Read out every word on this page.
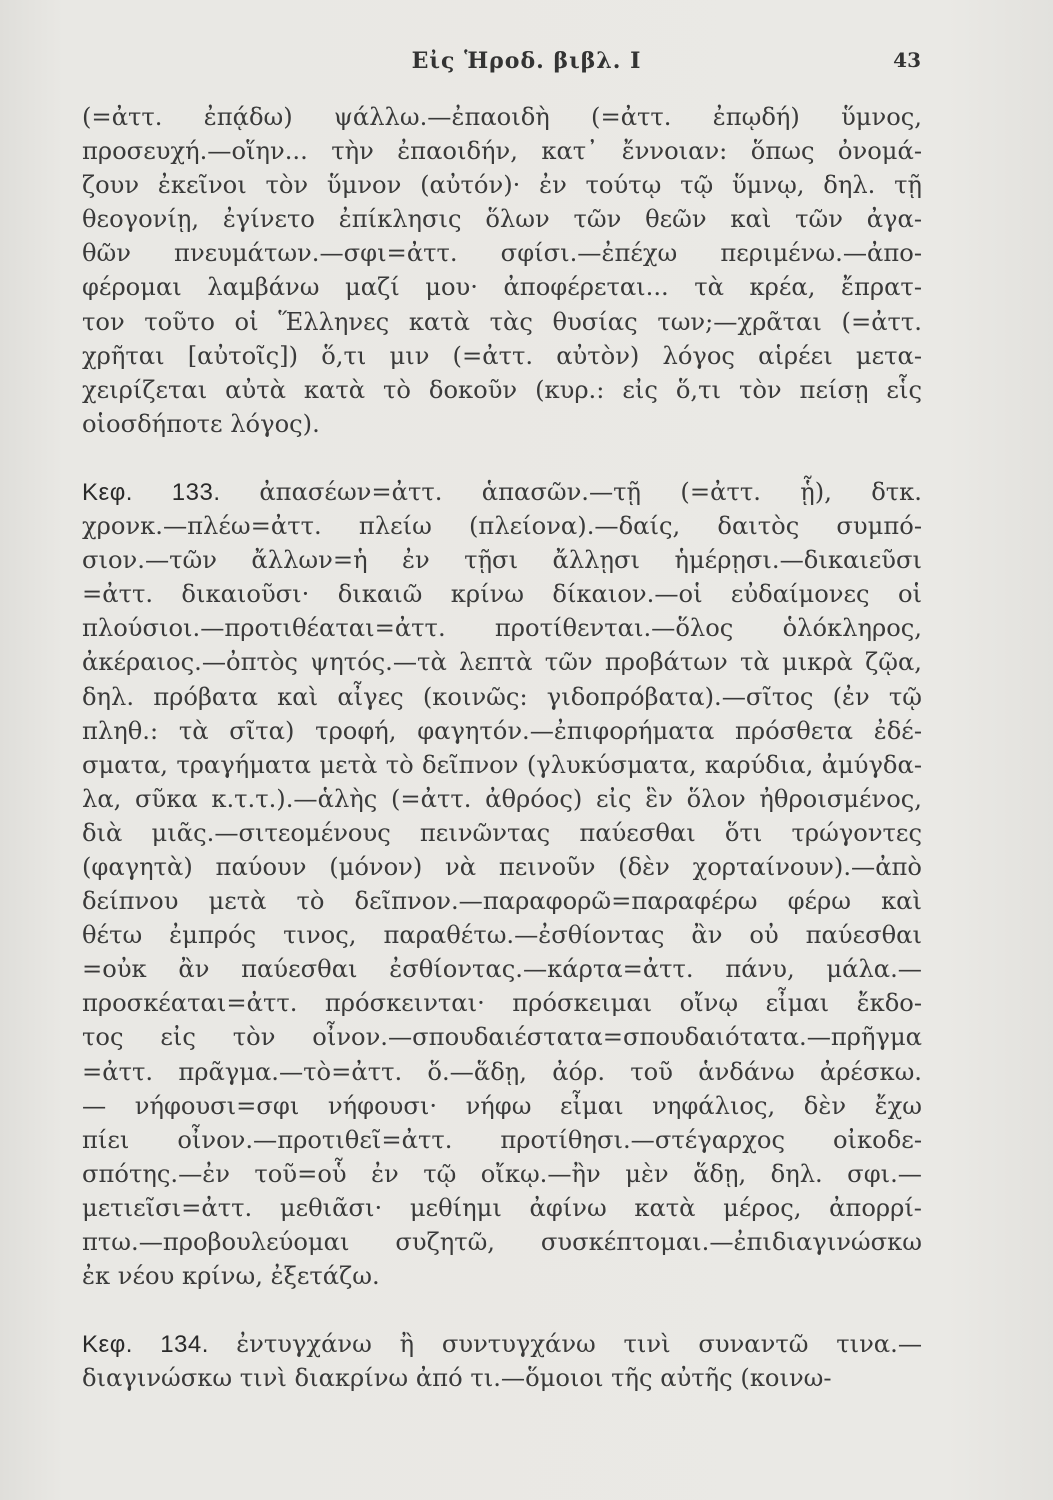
Εἰς Ἡροδ. βιβλ. Ι	43
(=ἀττ. ἐπᾴδω) ψάλλω.—ἐπαοιδὴ (=ἀττ. ἐπῳδή) ὕμνος,
προσευχή.—οἵην... τὴν ἐπαοιδήν, κατ᾿ ἔννοιαν: ὅπως ὀνομά-
ζουν ἐκεῖνοι τὸν ὕμνον (αὐτόν)· ἐν τούτῳ τῷ ὕμνῳ, δηλ. τῇ
θεογονίῃ, ἐγίνετο ἐπίκλησις ὅλων τῶν θεῶν καὶ τῶν ἀγα-
θῶν πνευμάτων.—σφι=ἀττ. σφίσι.—ἐπέχω περιμένω.—ἀπο-
φέρομαι λαμβάνω μαζί μου· ἀποφέρεται... τὰ κρέα, ἔπρατ-
τον τοῦτο οἱ Ἕλληνες κατὰ τὰς θυσίας των;—χρᾶται (=ἀττ.
χρῆται [αὐτοῖς]) ὅ,τι μιν (=ἀττ. αὐτὸν) λόγος αἱρέει μετα-
χειρίζεται αὐτὰ κατὰ τὸ δοκοῦν (κυρ.: εἰς ὅ,τι τὸν πείσῃ εἷς
οἱοσδήποτε λόγος).
Κεφ. 133. ἀπασέων=ἀττ. ἁπασῶν.—τῇ (=ἀττ. ᾗ), δτκ.
χρονκ.—πλέω=ἀττ. πλείω (πλείονα).—δαίς, δαιτὸς συμπό-
σιον.—τῶν ἄλλων=ἡ ἐν τῇσι ἄλλῃσι ἡμέρῃσι.—δικαιεῦσι
=ἀττ. δικαιοῦσι· δικαιῶ κρίνω δίκαιον.—οἱ εὐδαίμονες οἱ
πλούσιοι.—προτιθέαται=ἀττ. προτίθενται.—ὅλος ὁλόκληρος,
ἀκέραιος.—ὀπτὸς ψητός.—τὰ λεπτὰ τῶν προβάτων τὰ μικρὰ ζῷα,
δηλ. πρόβατα καὶ αἶγες (κοινῶς: γιδοπρόβατα).—σῖτος (ἐν τῷ
πληθ.: τὰ σῖτα) τροφή, φαγητόν.—ἐπιφορήματα πρόσθετα ἐδέ-
σματα, τραγήματα μετὰ τὸ δεῖπνον (γλυκύσματα, καρύδια, ἀμύγδα-
λα, σῦκα κ.τ.τ.).—ἁλὴς (=ἀττ. ἀθρόος) εἰς ἓν ὅλον ἠθροισμένος,
διὰ μιᾶς.—σιτεομένους πεινῶντας παύεσθαι ὅτι τρώγοντες
(φαγητὰ) παύουν (μόνον) νὰ πεινοῦν (δὲν χορταίνουν).—ἀπὸ
δείπνου μετὰ τὸ δεῖπνον.—παραφορῶ=παραφέρω φέρω καὶ
θέτω ἐμπρός τινος, παραθέτω.—ἐσθίοντας ἂν οὐ παύεσθαι
=οὐκ ἂν παύεσθαι ἐσθίοντας.—κάρτα=ἀττ. πάνυ, μάλα.—
προσκέαται=ἀττ. πρόσκεινται· πρόσκειμαι οἴνῳ εἶμαι ἔκδο-
τος εἰς τὸν οἶνον.—σπουδαιέστατα=σπουδαιότατα.—πρῆγμα
=ἀττ. πρᾶγμα.—τὸ=ἀττ. ὅ.—ἅδῃ, ἀόρ. τοῦ ἁνδάνω ἀρέσκω.
— νήφουσι=σφι νήφουσι· νήφω εἶμαι νηφάλιος, δὲν ἔχω
πίει οἶνον.—προτιθεῖ=ἀττ. προτίθησι.—στέγαρχος οἰκοδε-
σπότης.—ἐν τοῦ=οὗ ἐν τῷ οἴκῳ.—ἢν μὲν ἅδῃ, δηλ. σφι.—
μετιεῖσι=ἀττ. μεθιᾶσι· μεθίημι ἀφίνω κατὰ μέρος, ἀπορρί-
πτω.—προβουλεύομαι συζητῶ, συσκέπτομαι.—ἐπιδιαγινώσκω
ἐκ νέου κρίνω, ἐξετάζω.
Κεφ. 134. ἐντυγχάνω ἢ συντυγχάνω τινὶ συναντῶ τινα.—
διαγινώσκω τινὶ διακρίνω ἀπό τι.—ὅμοιοι τῆς αὐτῆς (κοινω-
